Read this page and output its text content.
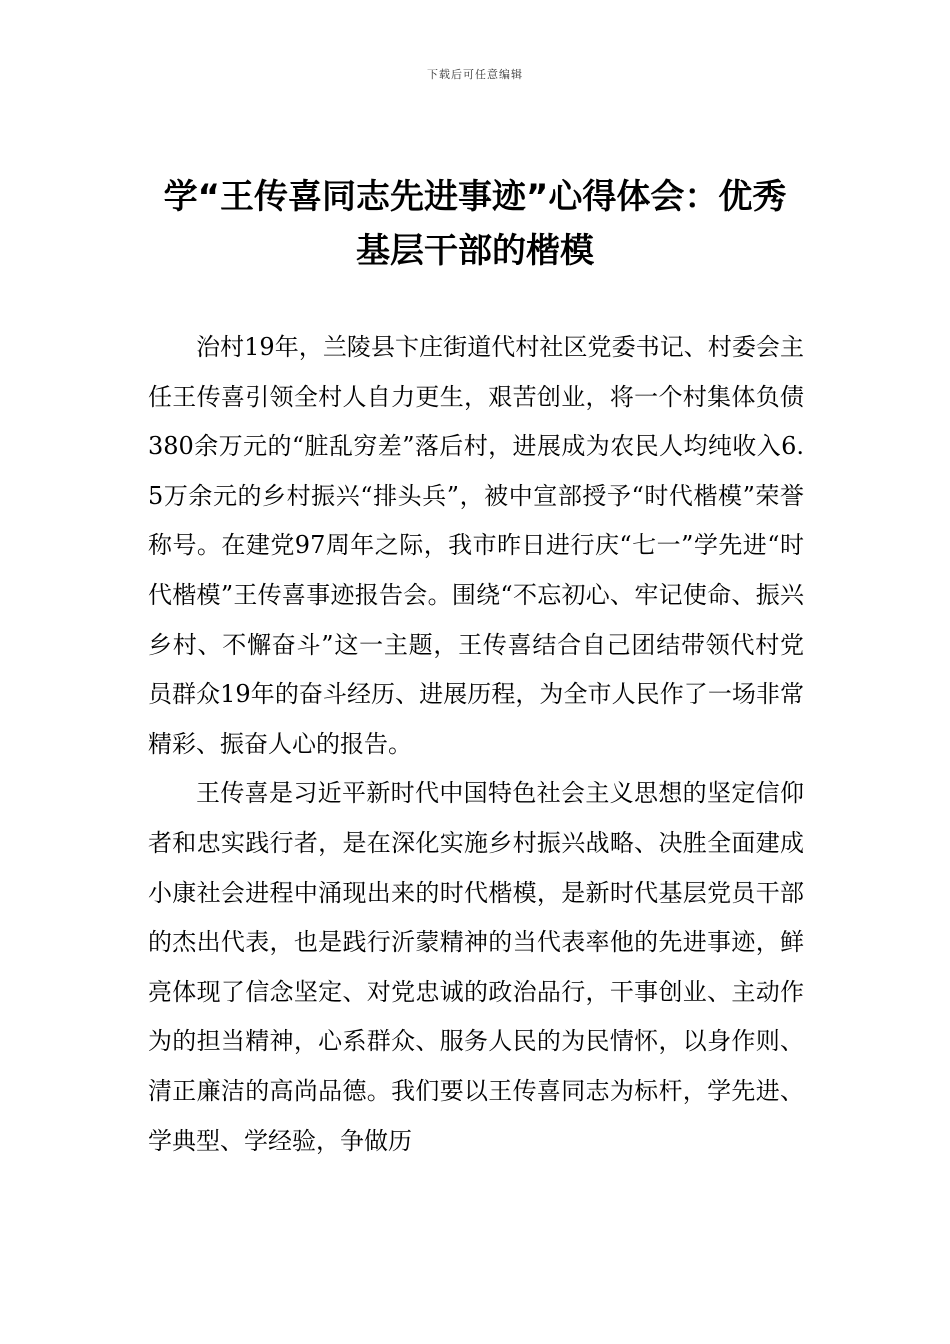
下载后可任意编辑
学“王传喜同志先进事迹”心得体会：优秀基层干部的楷模

治村19年，兰陵县卞庄街道代村社区党委书记、村委会主任王传喜引领全村人自力更生，艰苦创业，将一个村集体负债380余万元的“脏乱穷差”落后村，进展成为农民人均纯收入6.5万余元的乡村振兴“排头兵”，被中宣部授予“时代楷模”荣誉称号。在建党97周年之际，我市昨日进行庆“七一”学先进“时代楷模”王传喜事迹报告会。围绕“不忘初心、牢记使命、振兴乡村、不懈奋斗”这一主题，王传喜结合自己团结带领代村党员群众19年的奋斗经历、进展历程，为全市人民作了一场非常精彩、振奋人心的报告。

王传喜是习近平新时代中国特色社会主义思想的坚定信仰者和忠实践行者，是在深化实施乡村振兴战略、决胜全面建成小康社会进程中涌现出来的时代楷模，是新时代基层党员干部的杰出代表，也是践行沂蒙精神的当代表率他的先进事迹，鲜亮体现了信念坚定、对党忠诚的政治品行，干事创业、主动作为的担当精神，心系群众、服务人民的为民情怀，以身作则、清正廉洁的高尚品德。我们要以王传喜同志为标杆，学先进、学典型、学经验，争做历
